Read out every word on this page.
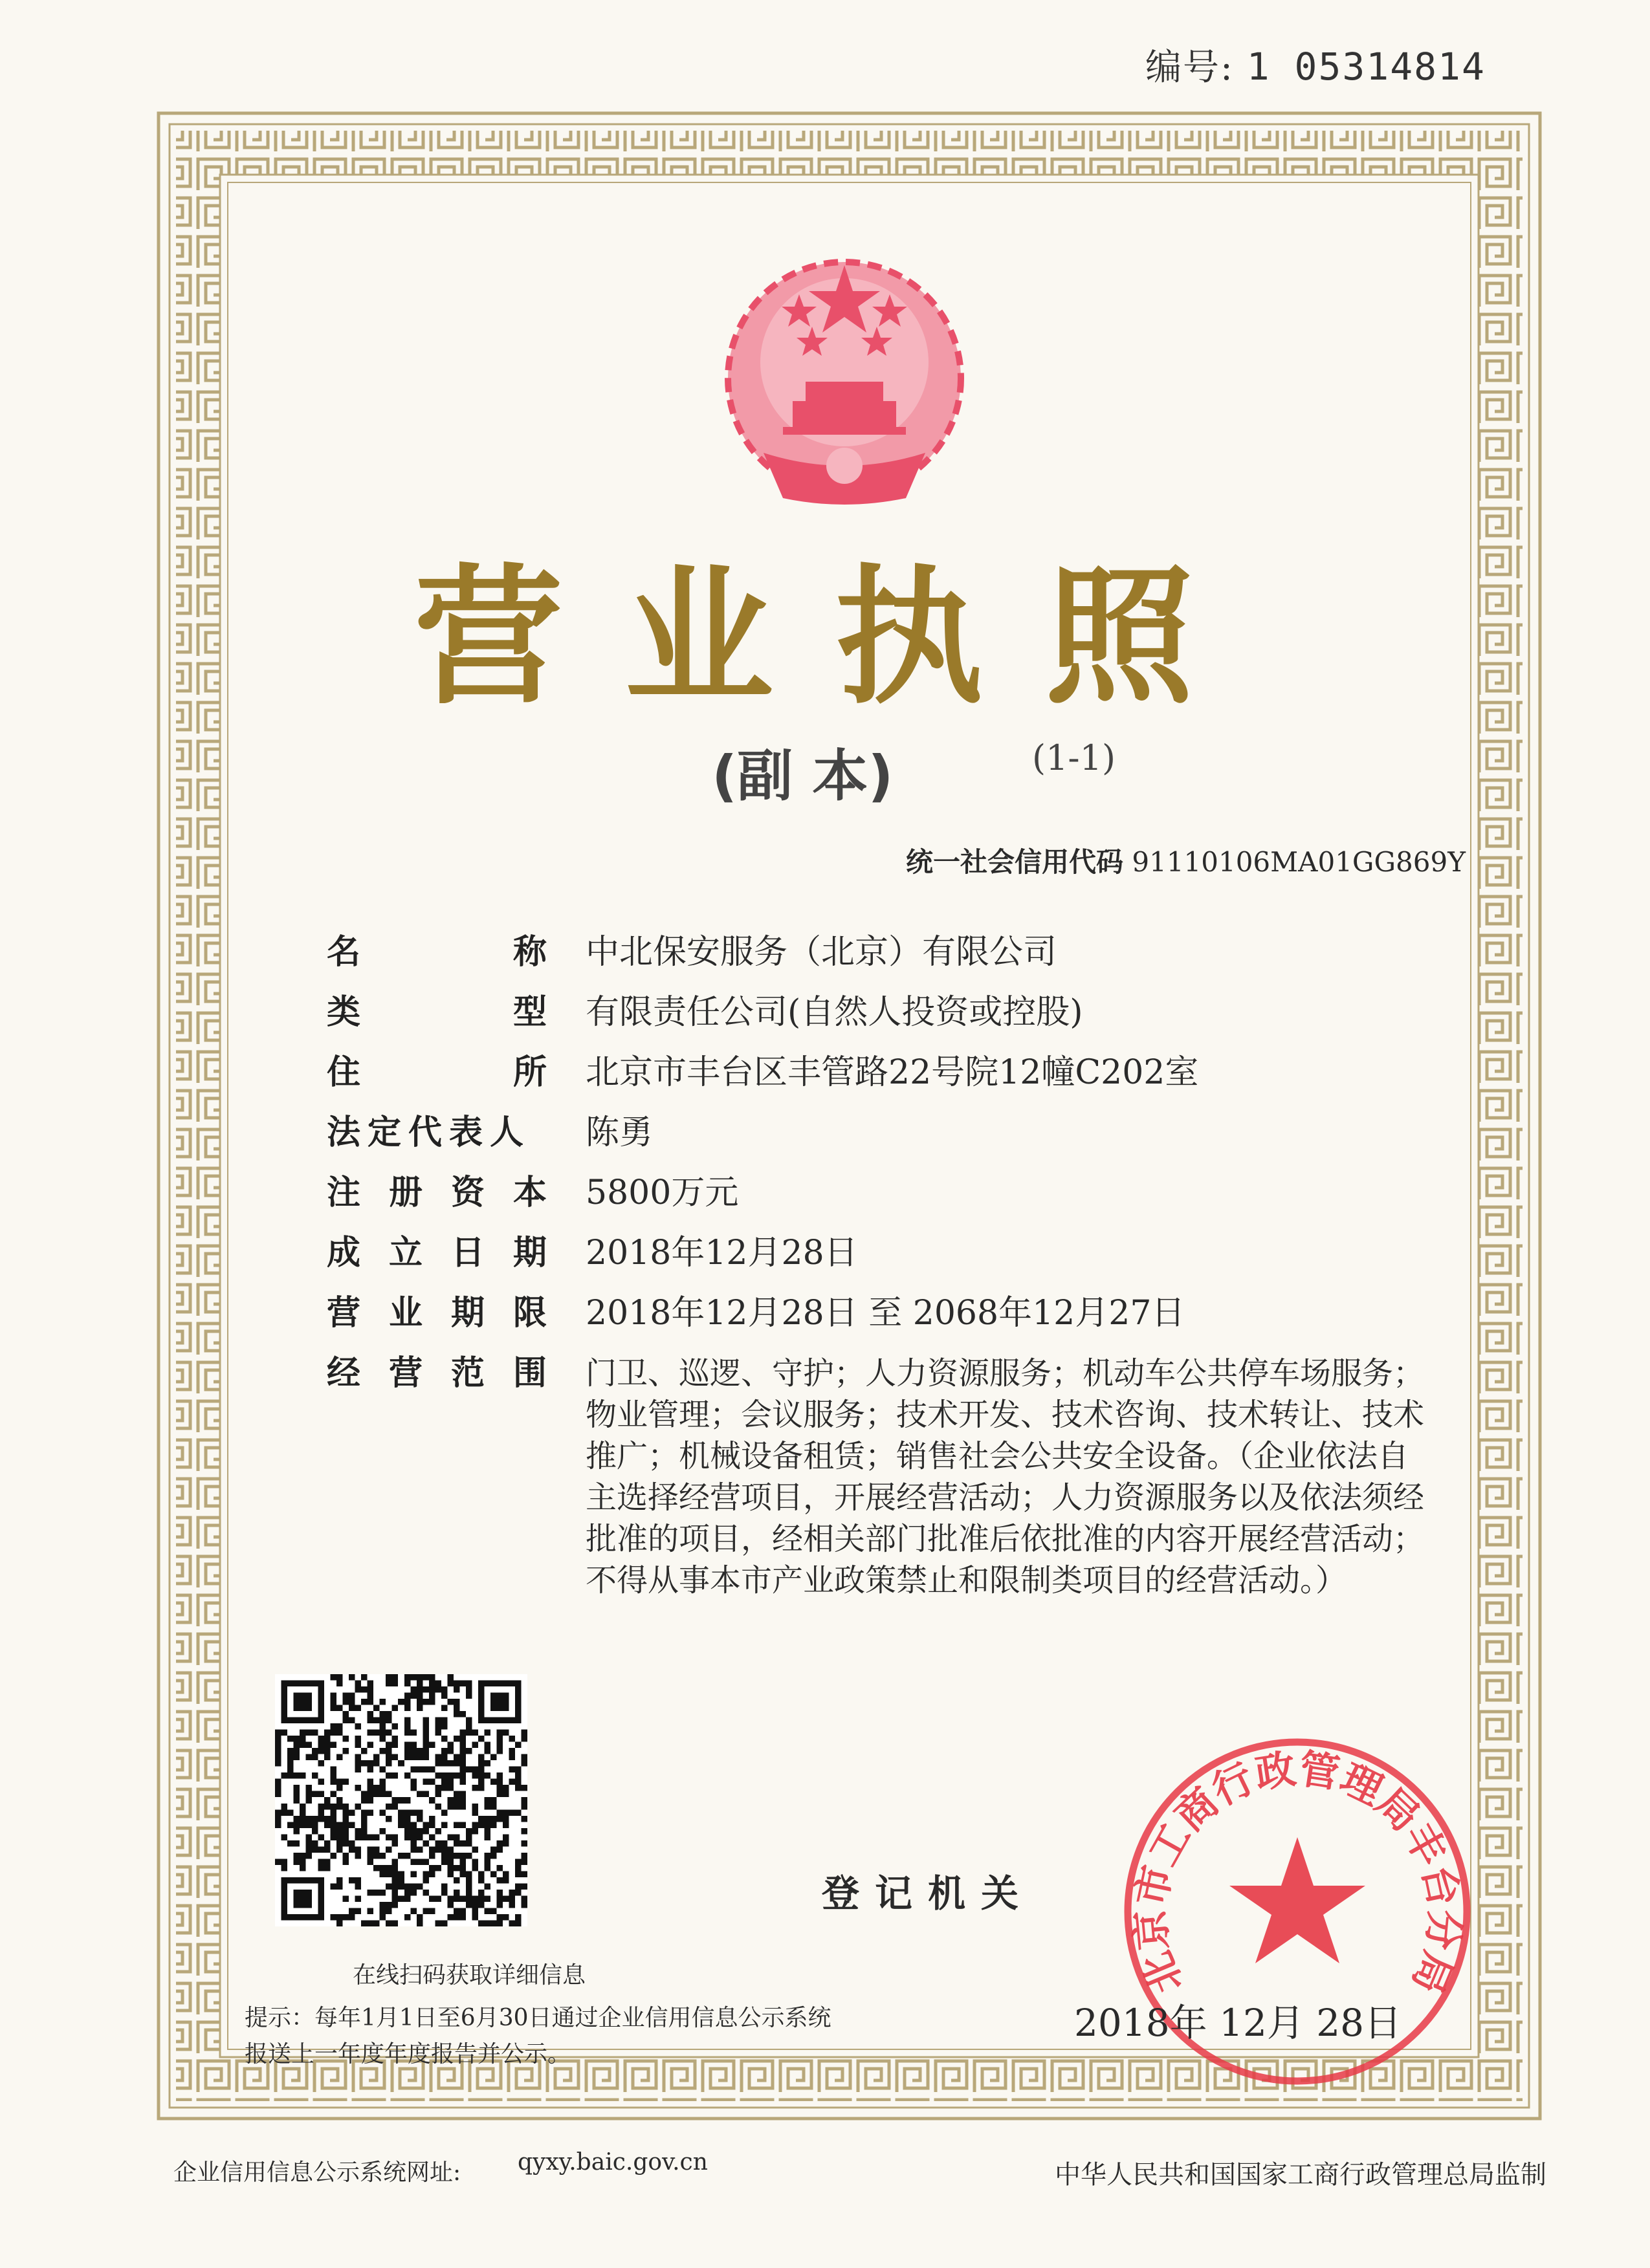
编号: 1 05314814
营业执照
(副 本)	(1-1)
统一社会信用代码 91110106MA01GG869Y
名	称 中北保安服务（北京）有限公司
类	型 有限责任公司(自然人投资或控股)
住	所 北京市丰台区丰管路22号院12幢C202室
法定代表人 陈勇
注 册 资 本 5800万元
成 立 日 期 2018年12月28日
营 业 期 限 2018年12月28日 至 2068年12月27日
经 营 范 围 门卫、巡逻、守护；人力资源服务；机动车公共停车场服务；
物业管理；会议服务；技术开发、技术咨询、技术转让、技术
推广；机械设备租赁；销售社会公共安全设备。（企业依法自
主选择经营项目，开展经营活动；人力资源服务以及依法须经
批准的项目，经相关部门批准后依批准的内容开展经营活动；
不得从事本市产业政策禁止和限制类项目的经营活动。）
在线扫码获取详细信息
提示：每年1月1日至6月30日通过企业信用信息公示系统
报送上一年度年度报告并公示。
登记机关
北京市工商行政管理局丰台分局
2018年 12月 28日
企业信用信息公示系统网址: qyxy.baic.gov.cn	中华人民共和国国家工商行政管理总局监制
